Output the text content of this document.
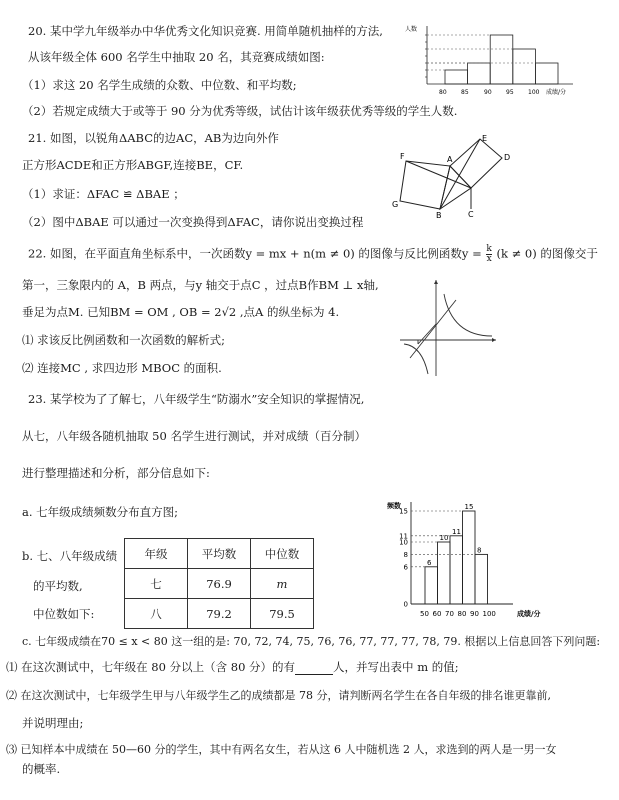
20. 某中学九年级举办中华优秀文化知识竞赛. 用简单随机抽样的方法,
从该年级全体 600 名学生中抽取 20 名，其竞赛成绩如图:
（1）求这 20 名学生成绩的众数、中位数、和平均数;
（2）若规定成绩大于或等于 90 分为优秀等级，试估计该年级获优秀等级的学生人数.
人数
成绩/分
80 85	90 95 100
21. 如图，以锐角ΔABC的边AC，AB为边向外作
正方形ACDE和正方形ABGF,连接BE，CF.
（1）求证：ΔFAC ≌ ΔBAE ；
（2）图中ΔBAE 可以通过一次变换得到ΔFAC，请你说出变换过程
F	A
E
G
B	C
D
22. 如图，在平面直角坐标系中，一次函数y = mx + n(m ≠ 0) 的图像与反比例函数$y = \frac{k}{x} (k \ne 0)$ 的图像交于
第一，三象限内的 A，B 两点，与y 轴交于点C ，过点B作BM ⊥ x轴,
垂足为点M. 已知BM = OM , OB = 2√2 ,点A 的纵坐标为 4.
⑴ 求该反比例函数和一次函数的解析式;
⑵ 连接MC , 求四边形 MBOC 的面积.
23. 某学校为了了解七，八年级学生“防溺水”安全知识的掌握情况,
从七，八年级各随机抽取 50 名学生进行测试，并对成绩（百分制）
进行整理描述和分析，部分信息如下:
a. 七年级成绩频数分布直方图;
b. 七、八年级成绩
的平均数,
中位数如下:
年级	平均数	中位数
七	76.9	m
八	79.2	79.5
频数
成绩/分
0
6
8
10
11
15
50 60 70 80 90 100
6
10
11
15
8
c. 七年级成绩在70 ≤ x < 80 这一组的是: 70, 72, 74, 75, 76, 76, 77, 77, 77, 78, 79. 根据以上信息回答下列问题:
⑴ 在这次测试中，七年级在 80 分以上（含 80 分）的有	人，并写出表中 m 的值;
⑵ 在这次测试中，七年级学生甲与八年级学生乙的成绩都是 78 分，请判断两名学生在各自年级的排名谁更靠前,
并说明理由;
⑶ 已知样本中成绩在 50—60 分的学生，其中有两名女生，若从这 6 人中随机选 2 人，求选到的两人是一男一女
的概率.
